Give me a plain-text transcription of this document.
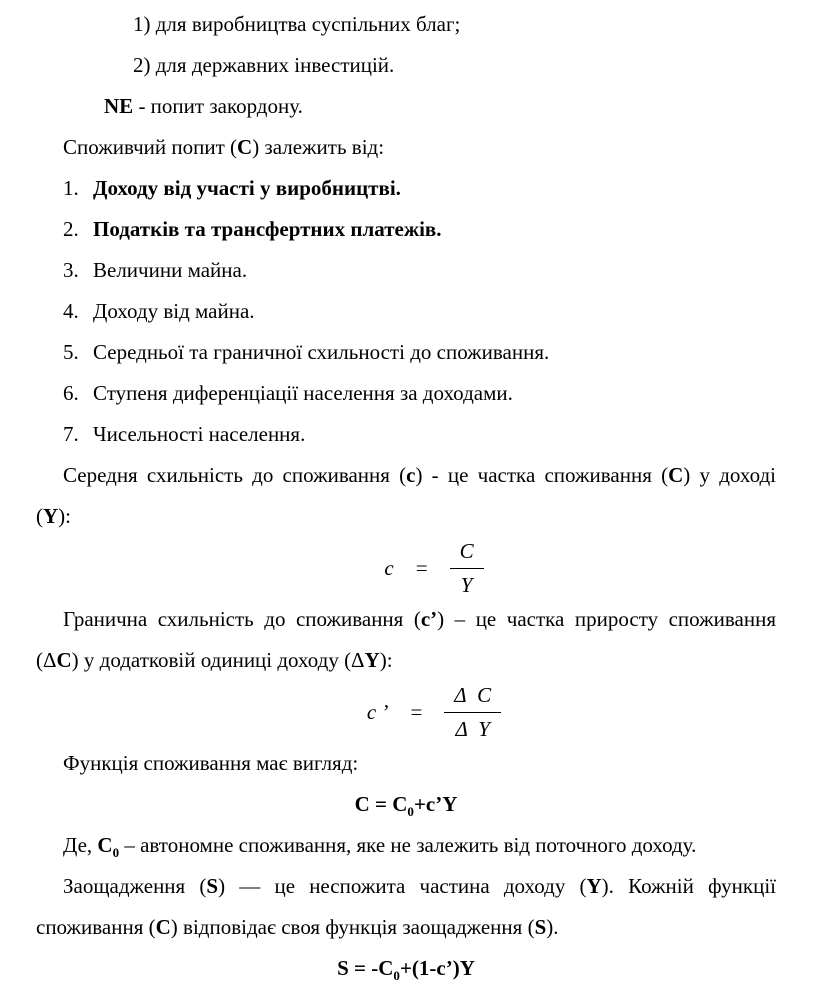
1) для виробництва суспільних благ;
2) для державних інвестицій.
NE - попит закордону.
Споживчий попит (С) залежить від:
1. Доходу від участі у виробництві.
2. Податків та трансфертних платежів.
3. Величини майна.
4. Доходу від майна.
5. Середньої та граничної схильності до споживання.
6. Ступеня диференціації населення за доходами.
7. Чисельності населення.
Середня схильність до споживання (с) - це частка споживання (С) у доході
(Y):
$c = \frac{C}{Y}$
Гранична схильність до споживання (с’) – це частка приросту споживання
(ΔС) у додатковій одиниці доходу (ΔY):
c ’ = $\frac{\text{Δ C}}{\text{Δ Y}}$
Функція споживання має вигляд:
$C = C_0+c’Y$
Де, $C_0$ – автономне споживання, яке не залежить від поточного доходу.
Заощадження (S) — це неспожита частина доходу (Y). Кожній функції
споживання (С) відповідає своя функція заощадження (S).
$S = -C_0+(1-c’)Y$
